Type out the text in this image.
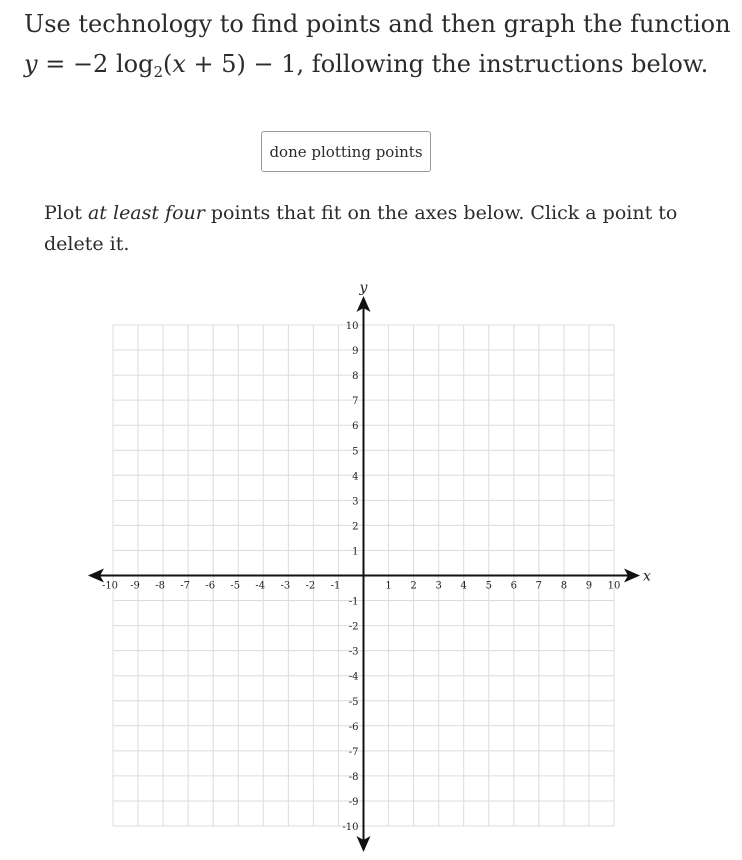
Use technology to find points and then graph the function
y = −2 $\log_2(x + 5) - 1$, following the instructions below.
done plotting points
Plot at least four points that fit on the axes below. Click a point to delete it.
-10 -9 -8 -7 -6 -5 -4 -3 -2 -1	1 2 3 4 5 6 7 8 9 10
10
9
8
7
6
5
4
3
2
1
-1
-2
-3
-4
-5
-6
-7
-8
-9
-10
x
y
